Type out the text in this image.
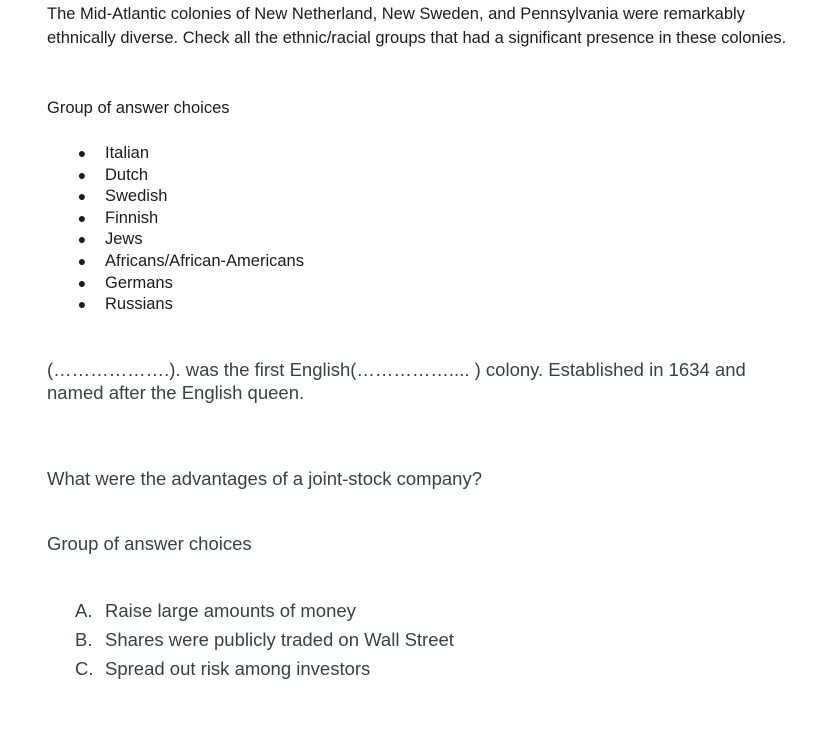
The Mid-Atlantic colonies of New Netherland, New Sweden, and Pennsylvania were remarkably ethnically diverse. Check all the ethnic/racial groups that had a significant presence in these colonies.
Group of answer choices
● Italian
● Dutch
● Swedish
● Finnish
● Jews
● Africans/African-Americans
● Germans
● Russians
(……………….). was the first English(…………….... ) colony. Established in 1634 and named after the English queen.
What were the advantages of a joint-stock company?
Group of answer choices
A. Raise large amounts of money
B. Shares were publicly traded on Wall Street
C. Spread out risk among investors
